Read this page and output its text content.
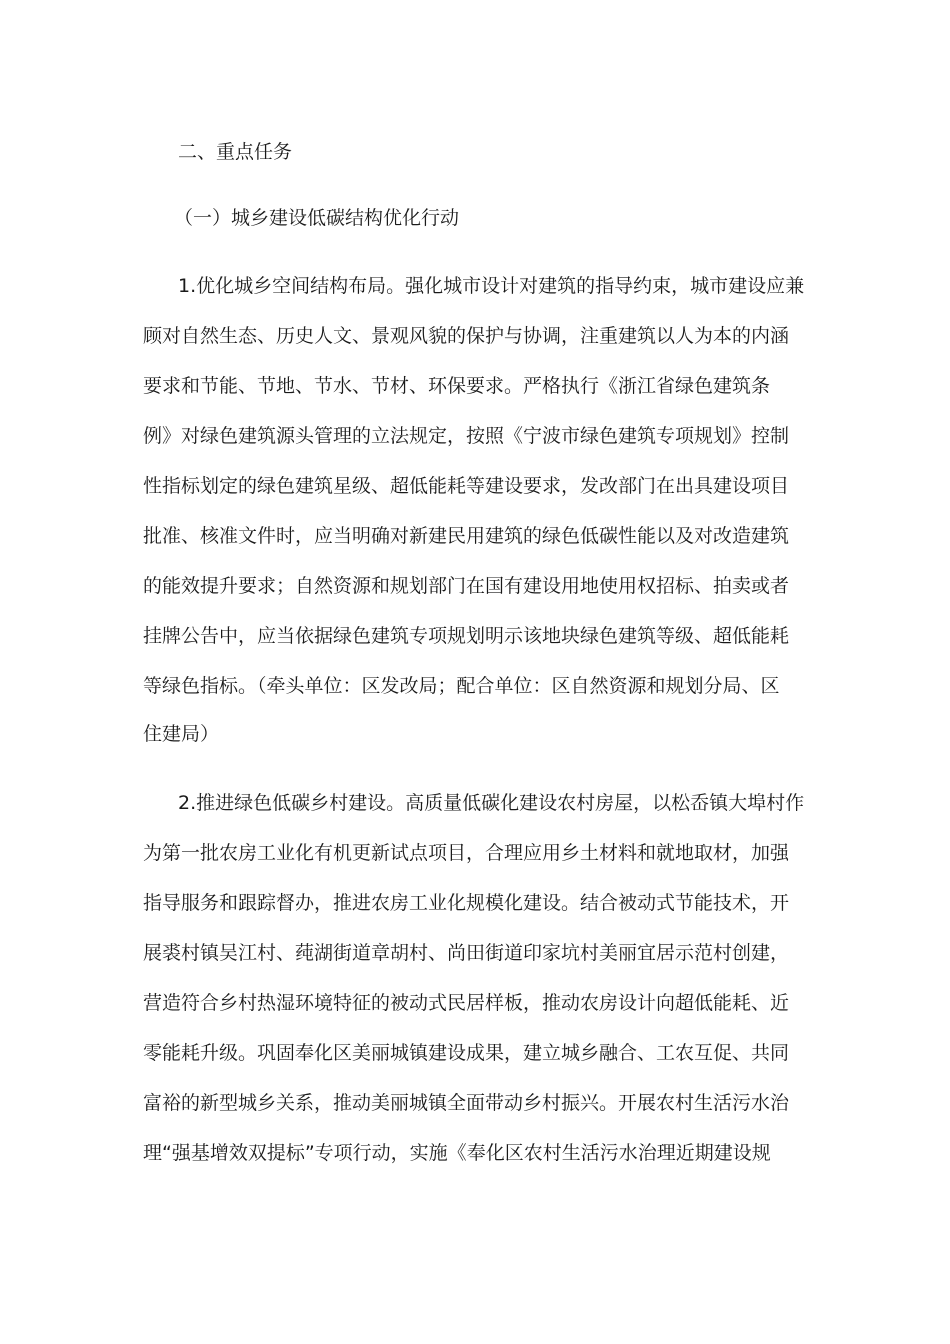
二、重点任务
（一）城乡建设低碳结构优化行动
1.优化城乡空间结构布局。强化城市设计对建筑的指导约束，城市建设应兼
顾对自然生态、历史人文、景观风貌的保护与协调，注重建筑以人为本的内涵
要求和节能、节地、节水、节材、环保要求。严格执行《浙江省绿色建筑条
例》对绿色建筑源头管理的立法规定，按照《宁波市绿色建筑专项规划》控制
性指标划定的绿色建筑星级、超低能耗等建设要求，发改部门在出具建设项目
批准、核准文件时，应当明确对新建民用建筑的绿色低碳性能以及对改造建筑
的能效提升要求；自然资源和规划部门在国有建设用地使用权招标、拍卖或者
挂牌公告中，应当依据绿色建筑专项规划明示该地块绿色建筑等级、超低能耗
等绿色指标。（牵头单位：区发改局；配合单位：区自然资源和规划分局、区
住建局）
2.推进绿色低碳乡村建设。高质量低碳化建设农村房屋，以松岙镇大埠村作
为第一批农房工业化有机更新试点项目，合理应用乡土材料和就地取材，加强
指导服务和跟踪督办，推进农房工业化规模化建设。结合被动式节能技术，开
展裘村镇吴江村、莼湖街道章胡村、尚田街道印家坑村美丽宜居示范村创建，
营造符合乡村热湿环境特征的被动式民居样板，推动农房设计向超低能耗、近
零能耗升级。巩固奉化区美丽城镇建设成果，建立城乡融合、工农互促、共同
富裕的新型城乡关系，推动美丽城镇全面带动乡村振兴。开展农村生活污水治
理“强基增效双提标”专项行动，实施《奉化区农村生活污水治理近期建设规
